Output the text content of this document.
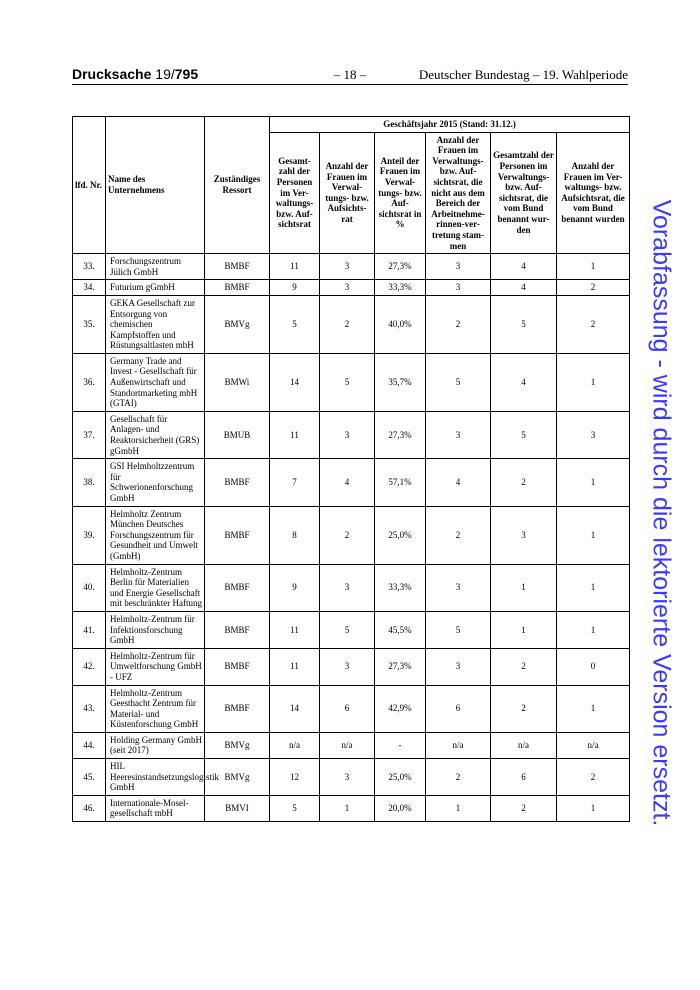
Drucksache 19/795	– 18 –	Deutscher Bundestag – 19. Wahlperiode
Vorabfassung - wird durch die lektorierte Version ersetzt.
lfd. Nr.	Name des Unternehmens	Zuständiges Ressort	Geschäftsjahr 2015 (Stand: 31.12.)					
			Gesamt-zahl der Personen im Ver-waltungs- bzw. Auf-sichtsrat	Anzahl der Frauen im Verwal-tungs- bzw. Aufsichts-rat	Anteil der Frauen im Verwal-tungs- bzw. Auf-sichtsrat in %	Anzahl der Frauen im Verwaltungs- bzw. Auf-sichtsrat, die nicht aus dem Bereich der Arbeitnehme-rinnen-ver-tretung stam-men	Gesamtzahl der Personen im Verwaltungs- bzw. Auf-sichtsrat, die vom Bund benannt wur-den	Anzahl der Frauen im Ver-waltungs- bzw. Aufsichtsrat, die vom Bund benannt wurden
33.	Forschungszentrum Jülich GmbH	BMBF	11	3	27,3%	3	4	1
34.	Futurium gGmbH	BMBF	9	3	33,3%	3	4	2
35.	GEKA Gesellschaft zur Entsorgung von chemischen Kampfstoffen und Rüstungsaltlasten mbH	BMVg	5	2	40,0%	2	5	2
36.	Germany Trade and Invest - Gesellschaft für Außenwirtschaft und Standortmarketing mbH (GTAI)	BMWi	14	5	35,7%	5	4	1
37.	Gesellschaft für Anlagen- und Reaktorsicherheit (GRS) gGmbH	BMUB	11	3	27,3%	3	5	3
38.	GSI Helmholtzzentrum für Schwerionenforschung GmbH	BMBF	7	4	57,1%	4	2	1
39.	Helmholtz Zentrum München Deutsches Forschungszentrum für Gesundheit und Umwelt (GmbH)	BMBF	8	2	25,0%	2	3	1
40.	Helmholtz-Zentrum Berlin für Materialien und Energie Gesellschaft mit beschränkter Haftung	BMBF	9	3	33,3%	3	1	1
41.	Helmholtz-Zentrum für Infektionsforschung GmbH	BMBF	11	5	45,5%	5	1	1
42.	Helmholtz-Zentrum für Umweltforschung GmbH - UFZ	BMBF	11	3	27,3%	3	2	0
43.	Helmholtz-Zentrum Geesthacht Zentrum für Material- und Küstenforschung GmbH	BMBF	14	6	42,9%	6	2	1
44.	Holding Germany GmbH (seit 2017)	BMVg	n/a	n/a	-	n/a	n/a	n/a
45.	HIL Heeresinstandsetzungslogistik GmbH	BMVg	12	3	25,0%	2	6	2
46.	Internationale-Mosel-gesellschaft mbH	BMVI	5	1	20,0%	1	2	1
